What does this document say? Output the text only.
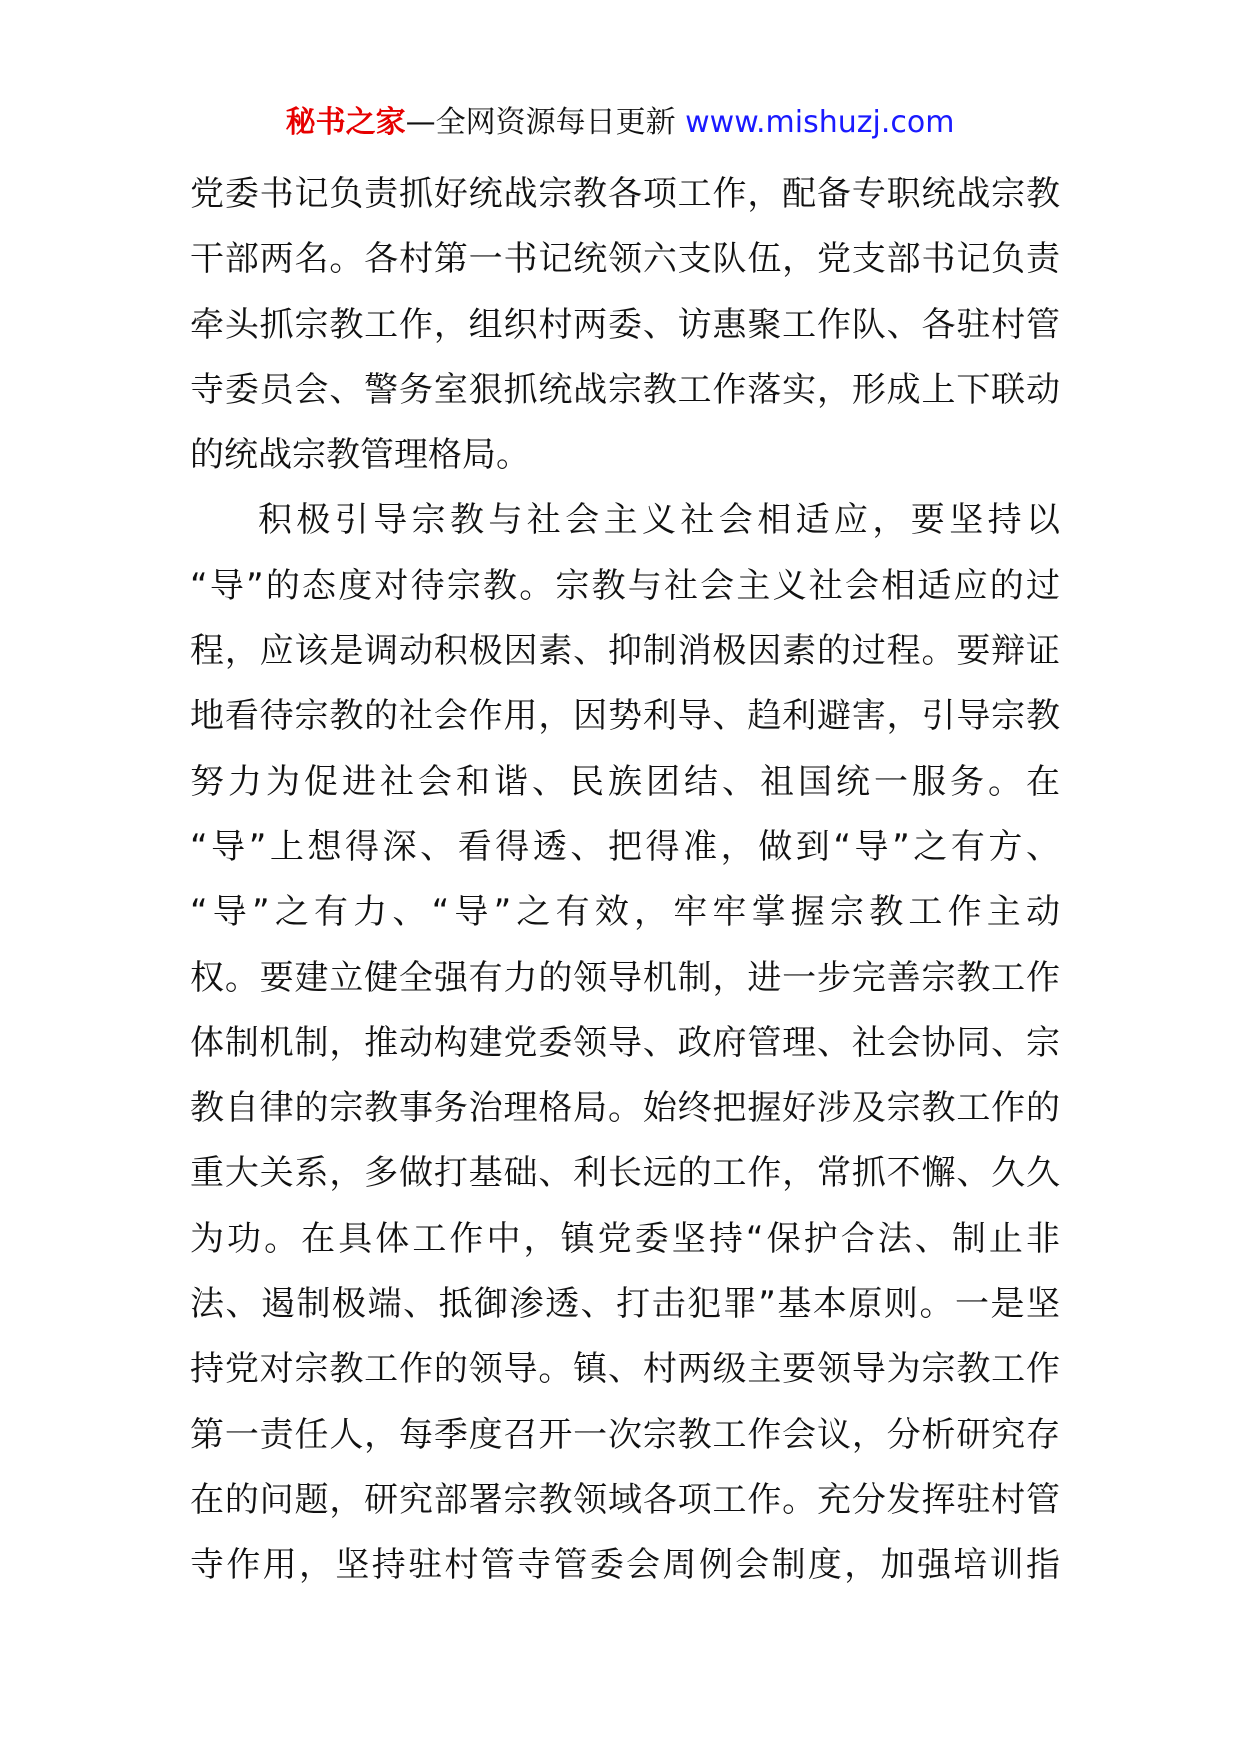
秘书之家—全网资源每日更新 www.mishuzj.com
党委书记负责抓好统战宗教各项工作，配备专职统战宗教
干部两名。各村第一书记统领六支队伍，党支部书记负责
牵头抓宗教工作，组织村两委、访惠聚工作队、各驻村管
寺委员会、警务室狠抓统战宗教工作落实，形成上下联动
的统战宗教管理格局。
积极引导宗教与社会主义社会相适应，要坚持以
“导”的态度对待宗教。宗教与社会主义社会相适应的过
程，应该是调动积极因素、抑制消极因素的过程。要辩证
地看待宗教的社会作用，因势利导、趋利避害，引导宗教
努力为促进社会和谐、民族团结、祖国统一服务。在
“导”上想得深、看得透、把得准，做到“导”之有方、
“导”之有力、“导”之有效，牢牢掌握宗教工作主动
权。要建立健全强有力的领导机制，进一步完善宗教工作
体制机制，推动构建党委领导、政府管理、社会协同、宗
教自律的宗教事务治理格局。始终把握好涉及宗教工作的
重大关系，多做打基础、利长远的工作，常抓不懈、久久
为功。在具体工作中，镇党委坚持“保护合法、制止非
法、遏制极端、抵御渗透、打击犯罪”基本原则。一是坚
持党对宗教工作的领导。镇、村两级主要领导为宗教工作
第一责任人，每季度召开一次宗教工作会议，分析研究存
在的问题，研究部署宗教领域各项工作。充分发挥驻村管
寺作用，坚持驻村管寺管委会周例会制度，加强培训指
